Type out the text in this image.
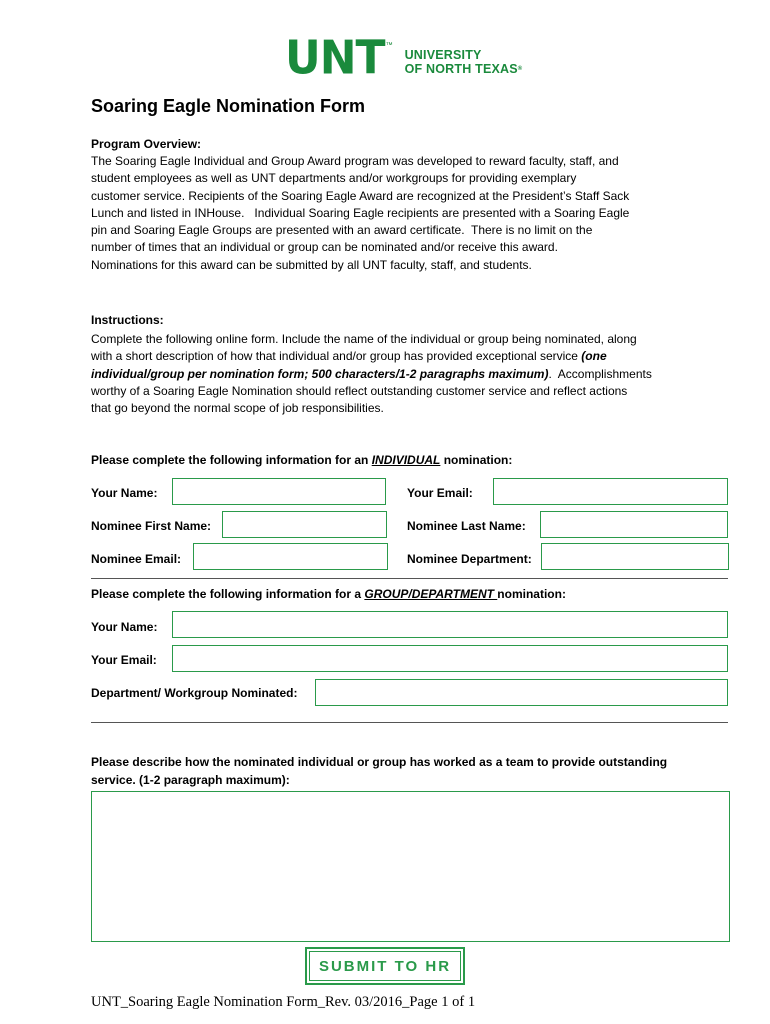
UNT ™
UNIVERSITY
OF NORTH TEXAS®
Soaring Eagle Nomination Form
Program Overview:
The Soaring Eagle Individual and Group Award program was developed to reward faculty, staff, and
student employees as well as UNT departments and/or workgroups for providing exemplary
customer service. Recipients of the Soaring Eagle Award are recognized at the President’s Staff Sack
Lunch and listed in INHouse.   Individual Soaring Eagle recipients are presented with a Soaring Eagle
pin and Soaring Eagle Groups are presented with an award certificate.  There is no limit on the
number of times that an individual or group can be nominated and/or receive this award.
Nominations for this award can be submitted by all UNT faculty, staff, and students.
Instructions:
Complete the following online form. Include the name of the individual or group being nominated, along
with a short description of how that individual and/or group has provided exceptional service (one
individual/group per nomination form; 500 characters/1-2 paragraphs maximum).  Accomplishments
worthy of a Soaring Eagle Nomination should reflect outstanding customer service and reflect actions
that go beyond the normal scope of job responsibilities.
Please complete the following information for an INDIVIDUAL nomination:
Your Name:	Your Email:
Nominee First Name:	Nominee Last Name:
Nominee Email:	Nominee Department:
Please complete the following information for a GROUP/DEPARTMENT nomination:
Your Name:
Your Email:
Department/ Workgroup Nominated:
Please describe how the nominated individual or group has worked as a team to provide outstanding
service. (1-2 paragraph maximum):
SUBMIT TO HR
UNT_Soaring Eagle Nomination Form_Rev. 03/2016_Page 1 of 1
